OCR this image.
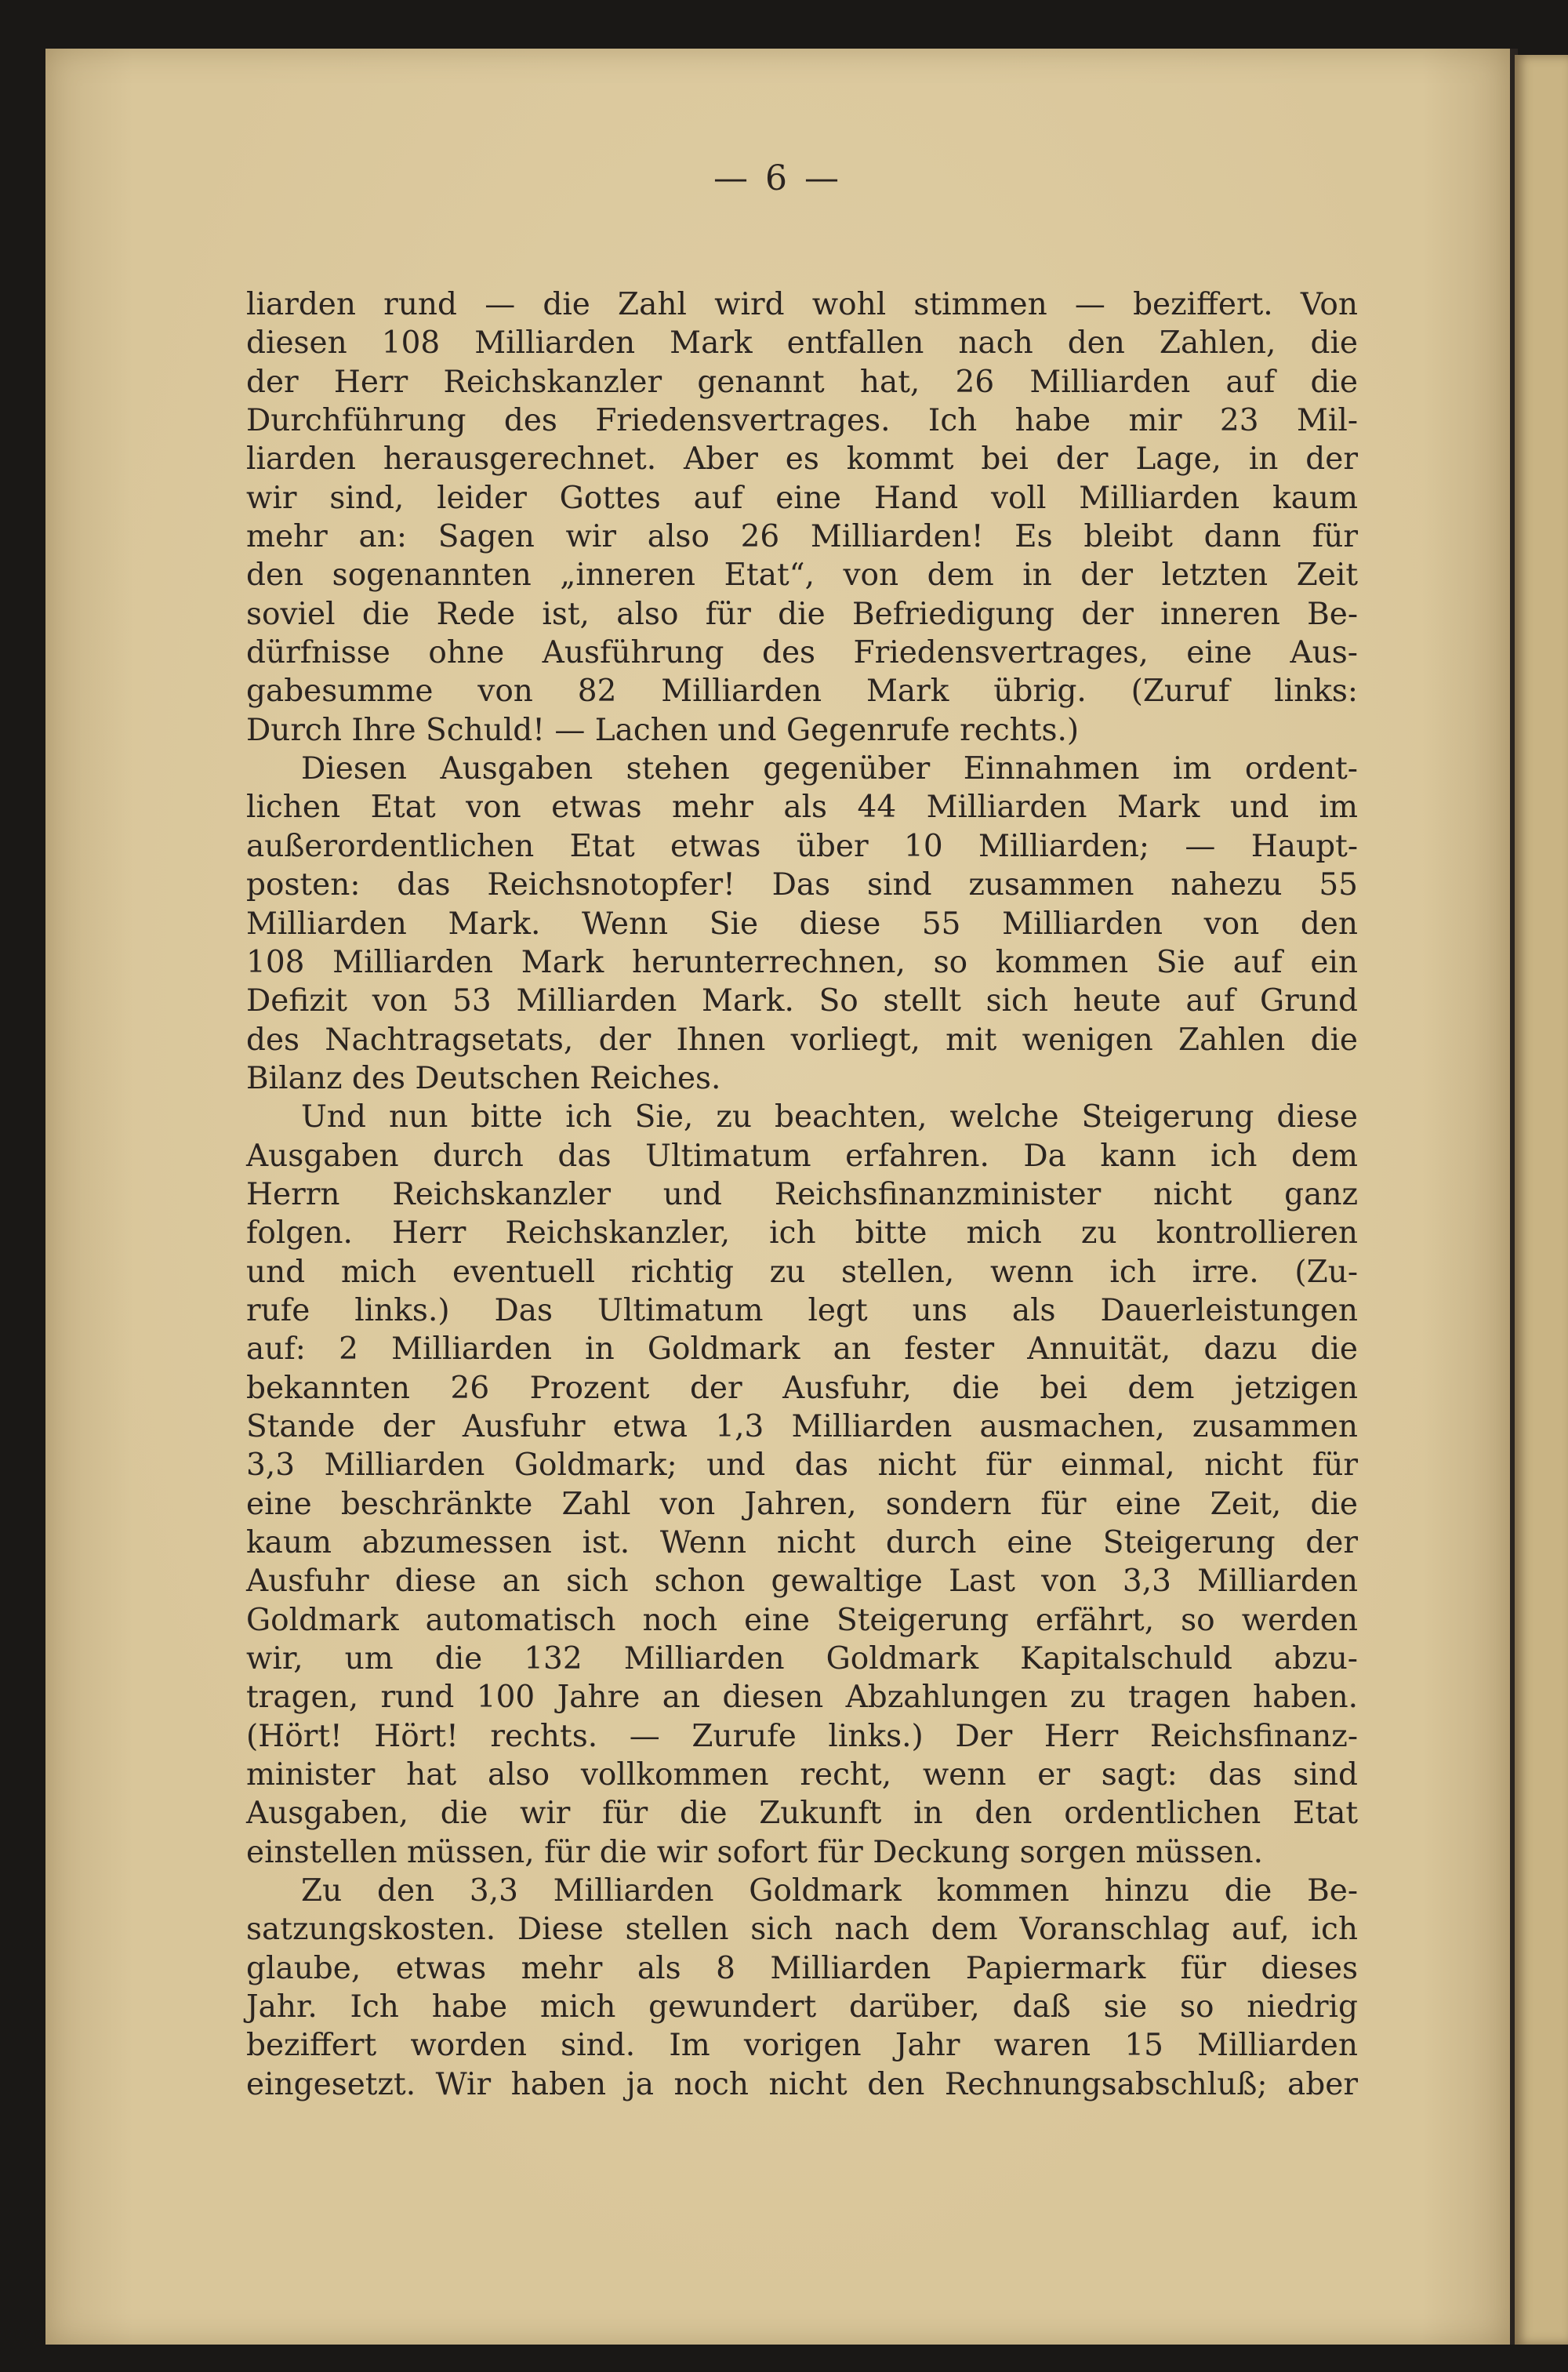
— 6 —
liarden rund — die Zahl wird wohl stimmen — beziffert. Von
diesen 108 Milliarden Mark entfallen nach den Zahlen, die
der Herr Reichskanzler genannt hat, 26 Milliarden auf die
Durchführung des Friedensvertrages. Ich habe mir 23 Mil-
liarden herausgerechnet. Aber es kommt bei der Lage, in der
wir sind, leider Gottes auf eine Hand voll Milliarden kaum
mehr an: Sagen wir also 26 Milliarden! Es bleibt dann für
den sogenannten „inneren Etat“, von dem in der letzten Zeit
soviel die Rede ist, also für die Befriedigung der inneren Be-
dürfnisse ohne Ausführung des Friedensvertrages, eine Aus-
gabesumme von 82 Milliarden Mark übrig. (Zuruf links:
Durch Ihre Schuld! — Lachen und Gegenrufe rechts.)
Diesen Ausgaben stehen gegenüber Einnahmen im ordent-
lichen Etat von etwas mehr als 44 Milliarden Mark und im
außerordentlichen Etat etwas über 10 Milliarden; — Haupt-
posten: das Reichsnotopfer! Das sind zusammen nahezu 55
Milliarden Mark. Wenn Sie diese 55 Milliarden von den
108 Milliarden Mark herunterrechnen, so kommen Sie auf ein
Defizit von 53 Milliarden Mark. So stellt sich heute auf Grund
des Nachtragsetats, der Ihnen vorliegt, mit wenigen Zahlen die
Bilanz des Deutschen Reiches.
Und nun bitte ich Sie, zu beachten, welche Steigerung diese
Ausgaben durch das Ultimatum erfahren. Da kann ich dem
Herrn Reichskanzler und Reichsfinanzminister nicht ganz
folgen. Herr Reichskanzler, ich bitte mich zu kontrollieren
und mich eventuell richtig zu stellen, wenn ich irre. (Zu-
rufe links.) Das Ultimatum legt uns als Dauerleistungen
auf: 2 Milliarden in Goldmark an fester Annuität, dazu die
bekannten 26 Prozent der Ausfuhr, die bei dem jetzigen
Stande der Ausfuhr etwa 1,3 Milliarden ausmachen, zusammen
3,3 Milliarden Goldmark; und das nicht für einmal, nicht für
eine beschränkte Zahl von Jahren, sondern für eine Zeit, die
kaum abzumessen ist. Wenn nicht durch eine Steigerung der
Ausfuhr diese an sich schon gewaltige Last von 3,3 Milliarden
Goldmark automatisch noch eine Steigerung erfährt, so werden
wir, um die 132 Milliarden Goldmark Kapitalschuld abzu-
tragen, rund 100 Jahre an diesen Abzahlungen zu tragen haben.
(Hört! Hört! rechts. — Zurufe links.) Der Herr Reichsfinanz-
minister hat also vollkommen recht, wenn er sagt: das sind
Ausgaben, die wir für die Zukunft in den ordentlichen Etat
einstellen müssen, für die wir sofort für Deckung sorgen müssen.
Zu den 3,3 Milliarden Goldmark kommen hinzu die Be-
satzungskosten. Diese stellen sich nach dem Voranschlag auf, ich
glaube, etwas mehr als 8 Milliarden Papiermark für dieses
Jahr. Ich habe mich gewundert darüber, daß sie so niedrig
beziffert worden sind. Im vorigen Jahr waren 15 Milliarden
eingesetzt. Wir haben ja noch nicht den Rechnungsabschluß; aber
